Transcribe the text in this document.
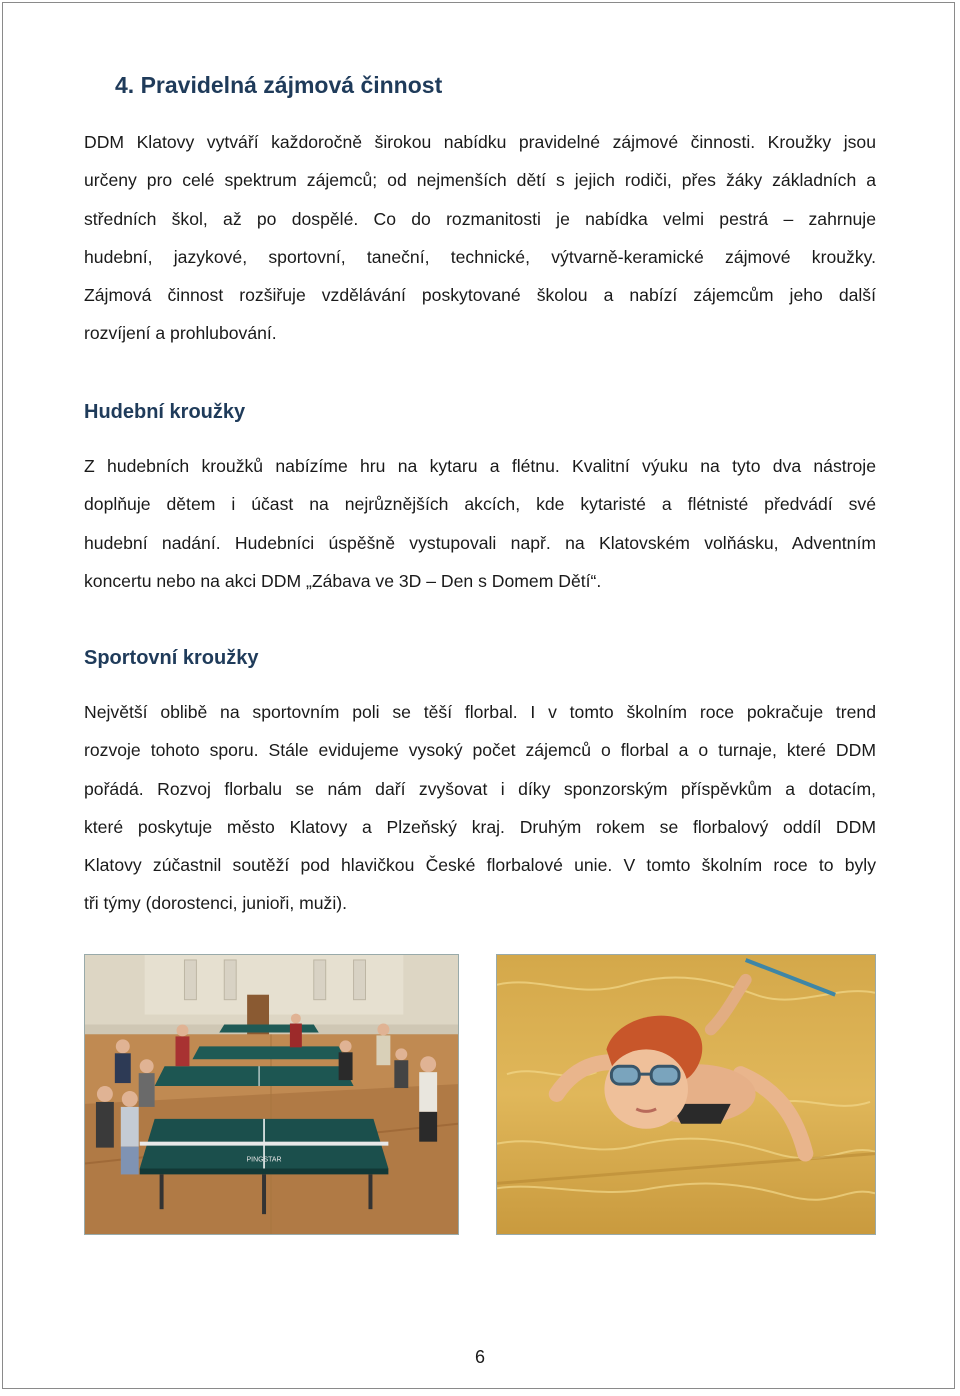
4. Pravidelná zájmová činnost
DDM Klatovy vytváří každoročně širokou nabídku pravidelné zájmové činnosti. Kroužky jsou
určeny pro celé spektrum zájemců; od nejmenších dětí s jejich rodiči, přes žáky základních a
středních škol, až po dospělé. Co do rozmanitosti je nabídka velmi pestrá – zahrnuje
hudební, jazykové, sportovní, taneční, technické, výtvarně-keramické zájmové kroužky.
Zájmová činnost rozšiřuje vzdělávání poskytované školou a nabízí zájemcům jeho další
rozvíjení a prohlubování.
Hudební kroužky
Z hudebních kroužků nabízíme hru na kytaru a flétnu. Kvalitní výuku na tyto dva nástroje
doplňuje dětem i účast na nejrůznějších akcích, kde kytaristé a flétnisté předvádí své
hudební nadání. Hudebníci úspěšně vystupovali např. na Klatovském volňásku, Adventním
koncertu nebo na akci DDM „Zábava ve 3D – Den s Domem Dětí“.
Sportovní kroužky
Největší oblibě na sportovním poli se těší florbal. I v tomto školním roce pokračuje trend
rozvoje tohoto sporu. Stále evidujeme vysoký počet zájemců o florbal a o turnaje, které DDM
pořádá. Rozvoj florbalu se nám daří zvyšovat i díky sponzorským příspěvkům a dotacím,
které poskytuje město Klatovy a Plzeňský kraj. Druhým rokem se florbalový oddíl DDM
Klatovy zúčastnil soutěží pod hlavičkou České florbalové unie. V tomto školním roce to byly
tři týmy (dorostenci, junioři, muži).
PINGSTAR
6
